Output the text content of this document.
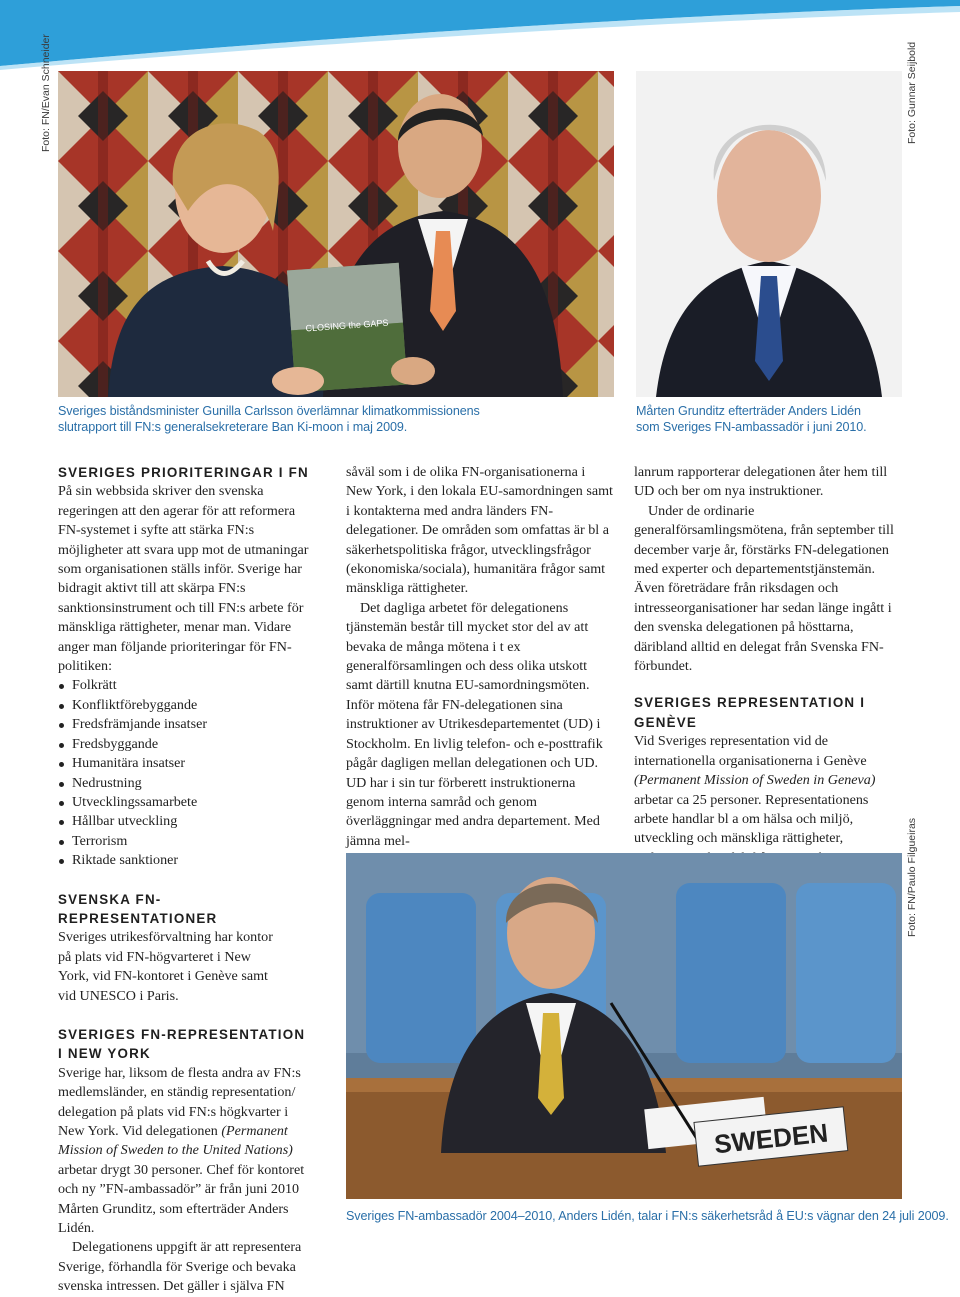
Foto: FN/Evan Schneider
CLOSING the GAPS
Sveriges biståndsminister Gunilla Carlsson överlämnar klimatkommissionens slutrapport till FN:s generalsekreterare Ban Ki-moon i maj 2009.
Foto: Gunnar Seijbold
Mårten Grunditz efterträder Anders Lidén som Sveriges FN-ambassadör i juni 2010.
SVERIGES PRIORITERINGAR I FN

På sin webbsida skriver den svenska regeringen att den agerar för att reformera FN-systemet i syfte att stärka FN:s möjligheter att svara upp mot de utmaningar som organisationen ställs inför. Sverige har bidragit aktivt till att skärpa FN:s sanktionsinstrument och till FN:s arbete för mänskliga rättigheter, menar man. Vidare anger man följande prioriteringar för FN-politiken:

Folkrätt
Konfliktförebyggande
Fredsfrämjande insatser
Fredsbyggande
Humanitära insatser
Nedrustning
Utvecklingssamarbete
Hållbar utveckling
Terrorism
Riktade sanktioner
SVENSKA FN-REPRESENTATIONER

Sveriges utrikesförvaltning har kontor på plats vid FN-högvarteret i New York, vid FN-kontoret i Genève samt vid UNESCO i Paris.

SVERIGES FN-REPRESENTATION I NEW YORK

Sverige har, liksom de flesta andra av FN:s medlemsländer, en ständig representation/ delegation på plats vid FN:s högkvarter i New York. Vid delegationen (Permanent Mission of Sweden to the United Nations) arbetar drygt 30 personer. Chef för kontoret och ny ”FN-ambassadör” är från juni 2010 Mårten Grunditz, som efterträder Anders Lidén.

Delegationens uppgift är att representera Sverige, förhandla för Sverige och bevaka svenska intressen. Det gäller i själva FN

såväl som i de olika FN-organisationerna i New York, i den lokala EU-samordningen samt i kontakterna med andra länders FN-delegationer. De områden som omfattas är bl a säkerhetspolitiska frågor, utvecklingsfrågor (ekonomiska/sociala), humanitära frågor samt mänskliga rättigheter.

Det dagliga arbetet för delegationens tjänstemän består till mycket stor del av att bevaka de många mötena i t ex generalförsamlingen och dess olika utskott samt därtill knutna EU-samordningsmöten. Inför mötena får FN-delegationen sina instruktioner av Utrikesdepartementet (UD) i Stockholm. En livlig telefon- och e-posttrafik pågår dagligen mellan delegationen och UD. UD har i sin tur förberett instruktionerna genom interna samråd och genom överläggningar med andra departement. Med jämna mel-

lanrum rapporterar delegationen åter hem till UD och ber om nya instruktioner.

Under de ordinarie generalförsamlingsmötena, från september till december varje år, förstärks FN-delegationen med experter och departementstjänstemän. Även företrädare från riksdagen och intresseorganisationer har sedan länge ingått i den svenska delegationen på hösttarna, däribland alltid en delegat från Svenska FN-förbundet.

SVERIGES REPRESENTATION I GENÈVE

Vid Sveriges representation vid de internationella organisationerna i Genève (Permanent Mission of Sweden in Geneva) arbetar ca 25 personer. Representationens arbete handlar bl a om hälsa och miljö, utveckling och mänskliga rättigheter,	Foto: FN/Paulo Filgueiras
SWEDEN
Sveriges FN-ambassadör 2004–2010, Anders Lidén, talar i FN:s säkerhetsråd å EU:s vägnar den 24 juli 2009.
